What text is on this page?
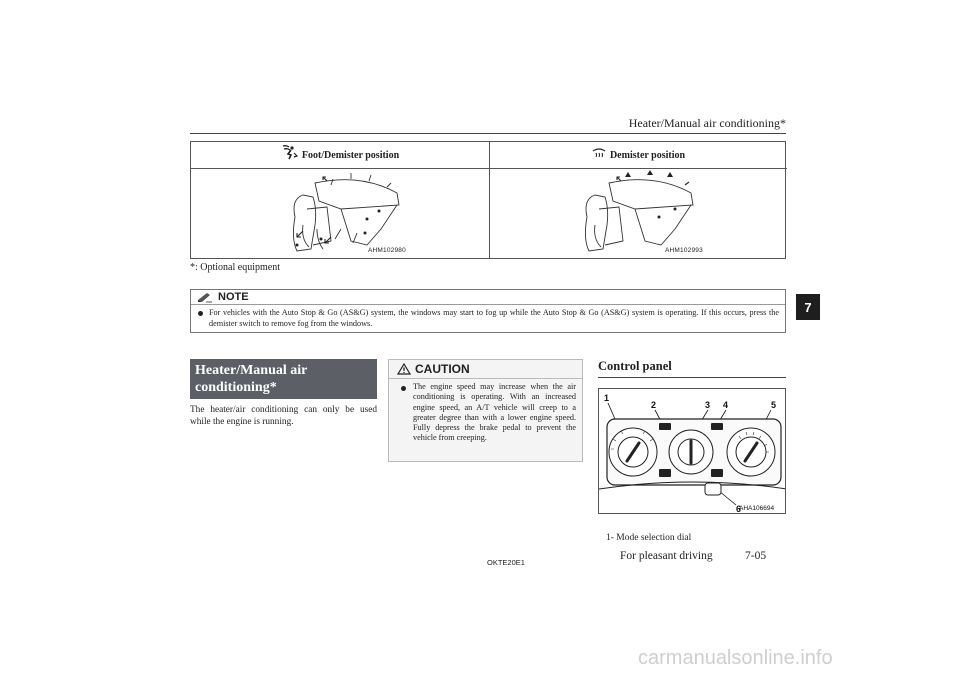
Heater/Manual air conditioning*
7
Foot/Demister position
AHM102980
Demister position
AHM102993
*: Optional equipment
NOTE
For vehicles with the Auto Stop & Go (AS&G) system, the windows may start to fog up while the Auto Stop & Go (AS&G) system is operating. If this occurs, press the demister switch to remove fog from the windows.
Heater/Manual air conditioning*
The heater/air conditioning can only be used while the engine is running.
CAUTION
The engine speed may increase when the air conditioning is operating. With an increased engine speed, an A/T vehicle will creep to a greater degree than with a lower engine speed. Fully depress the brake pedal to prevent the vehicle from creeping.
Control panel
1
2	3 4	5
6
AHA106694
1- Mode selection dial
OKTE20E1
For pleasant driving	7-05
carmanualsonline.info
